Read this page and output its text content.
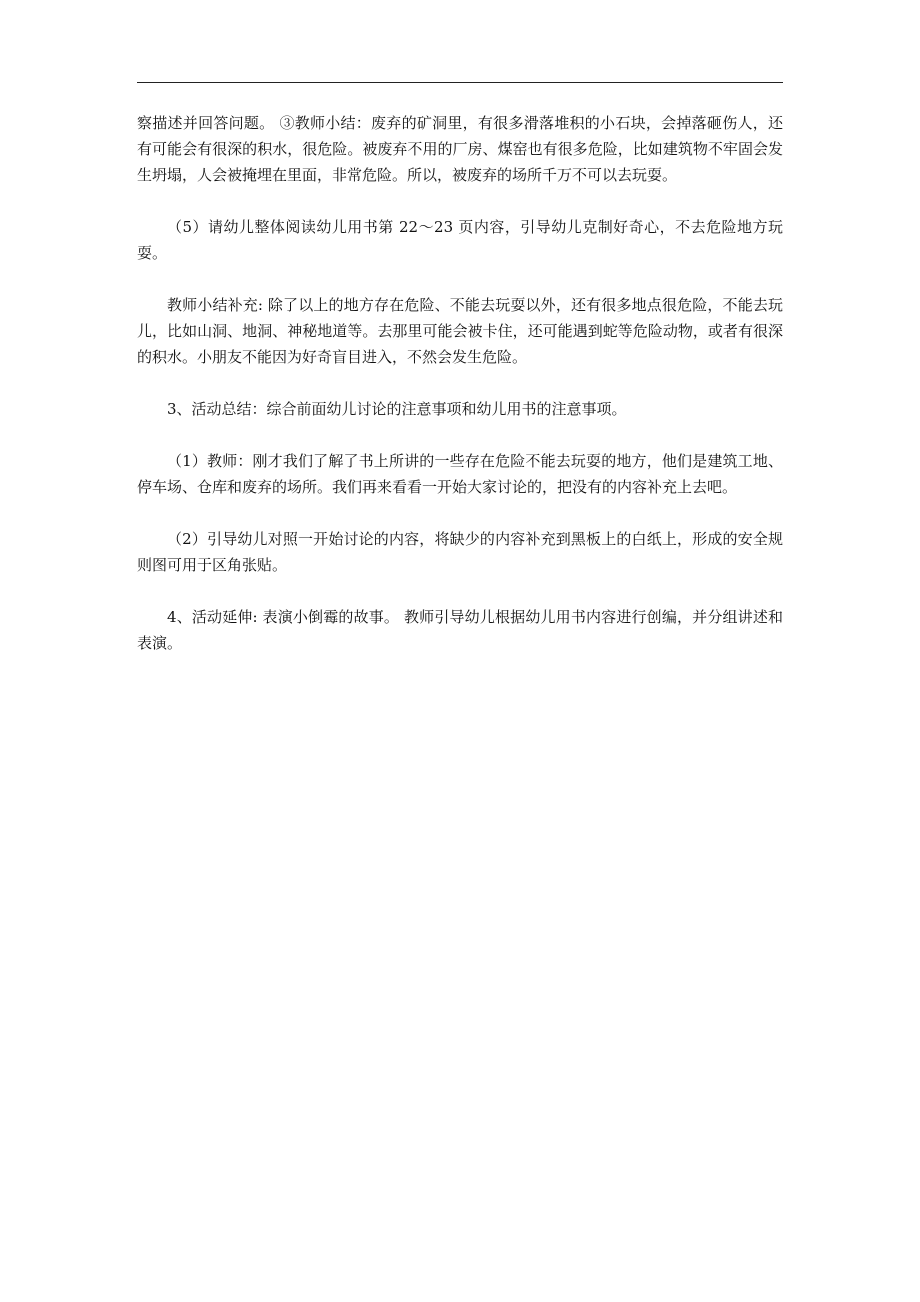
察描述并回答问题。 ③教师小结：废弃的矿洞里，有很多滑落堆积的小石块，会掉落砸伤人，还有可能会有很深的积水，很危险。被废弃不用的厂房、煤窑也有很多危险，比如建筑物不牢固会发生坍塌，人会被掩埋在里面，非常危险。所以，被废弃的场所千万不可以去玩耍。

（5）请幼儿整体阅读幼儿用书第 22～23 页内容，引导幼儿克制好奇心，不去危险地方玩耍。

教师小结补充: 除了以上的地方存在危险、不能去玩耍以外，还有很多地点很危险，不能去玩儿，比如山洞、地洞、神秘地道等。去那里可能会被卡住，还可能遇到蛇等危险动物，或者有很深的积水。小朋友不能因为好奇盲目进入，不然会发生危险。

3、活动总结：综合前面幼儿讨论的注意事项和幼儿用书的注意事项。

（1）教师：刚才我们了解了书上所讲的一些存在危险不能去玩耍的地方，他们是建筑工地、停车场、仓库和废弃的场所。我们再来看看一开始大家讨论的，把没有的内容补充上去吧。

（2）引导幼儿对照一开始讨论的内容，将缺少的内容补充到黑板上的白纸上，形成的安全规则图可用于区角张贴。

4、活动延伸: 表演小倒霉的故事。 教师引导幼儿根据幼儿用书内容进行创编，并分组讲述和表演。
